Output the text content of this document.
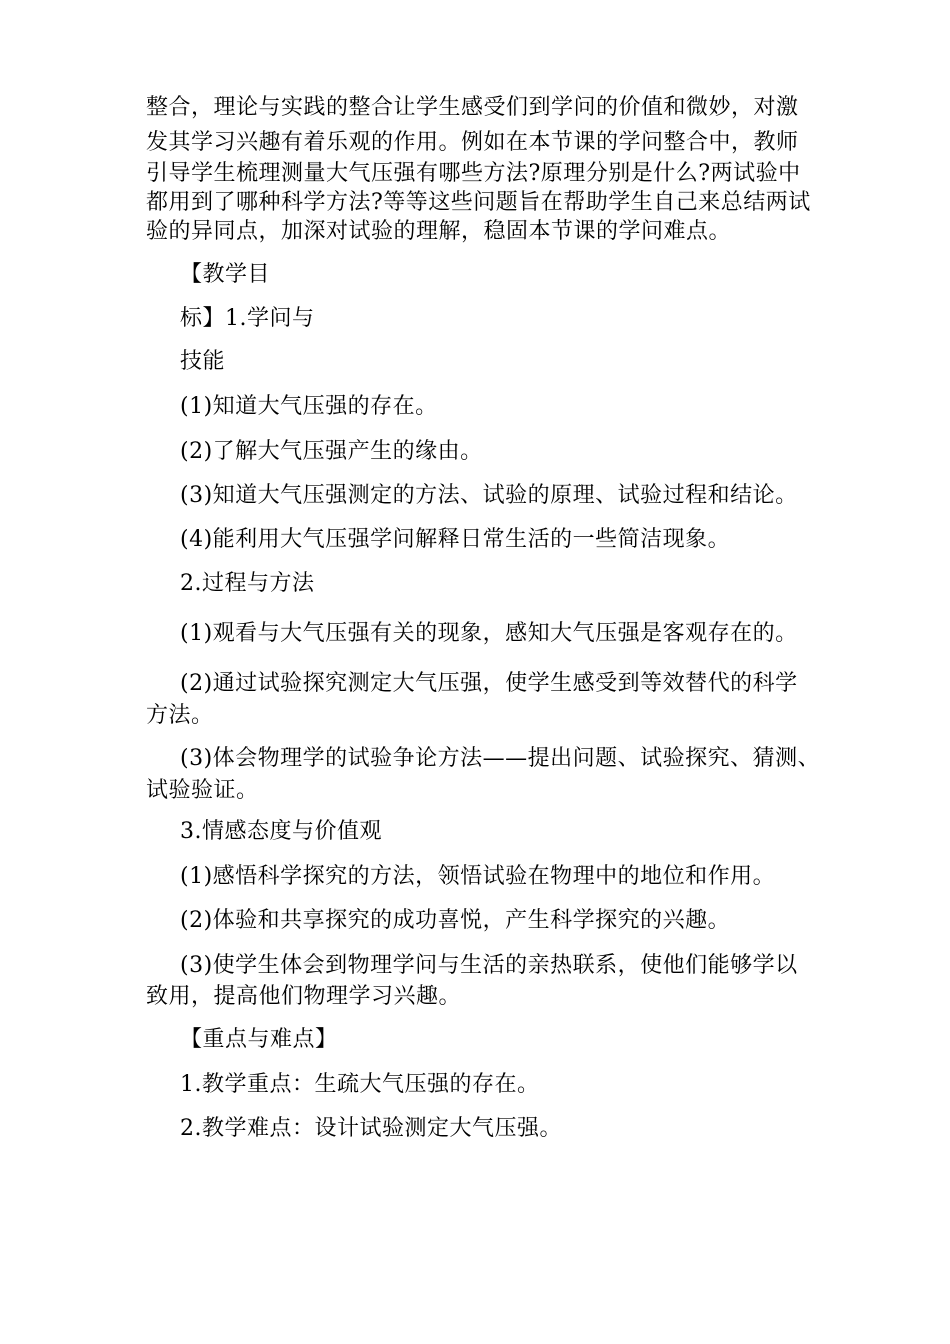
整合，理论与实践的整合让学生感受们到学问的价值和微妙，对激
发其学习兴趣有着乐观的作用。例如在本节课的学问整合中，教师
引导学生梳理测量大气压强有哪些方法?原理分别是什么?两试验中
都用到了哪种科学方法?等等这些问题旨在帮助学生自己来总结两试
验的异同点，加深对试验的理解，稳固本节课的学问难点。
【教学目
标】1.学问与
技能
(1)知道大气压强的存在。
(2)了解大气压强产生的缘由。
(3)知道大气压强测定的方法、试验的原理、试验过程和结论。
(4)能利用大气压强学问解释日常生活的一些简洁现象。
2.过程与方法
(1)观看与大气压强有关的现象，感知大气压强是客观存在的。
(2)通过试验探究测定大气压强，使学生感受到等效替代的科学
方法。
(3)体会物理学的试验争论方法——提出问题、试验探究、猜测、
试验验证。
3.情感态度与价值观
(1)感悟科学探究的方法，领悟试验在物理中的地位和作用。
(2)体验和共享探究的成功喜悦，产生科学探究的兴趣。
(3)使学生体会到物理学问与生活的亲热联系，使他们能够学以
致用，提高他们物理学习兴趣。
【重点与难点】
1.教学重点：生疏大气压强的存在。
2.教学难点：设计试验测定大气压强。
